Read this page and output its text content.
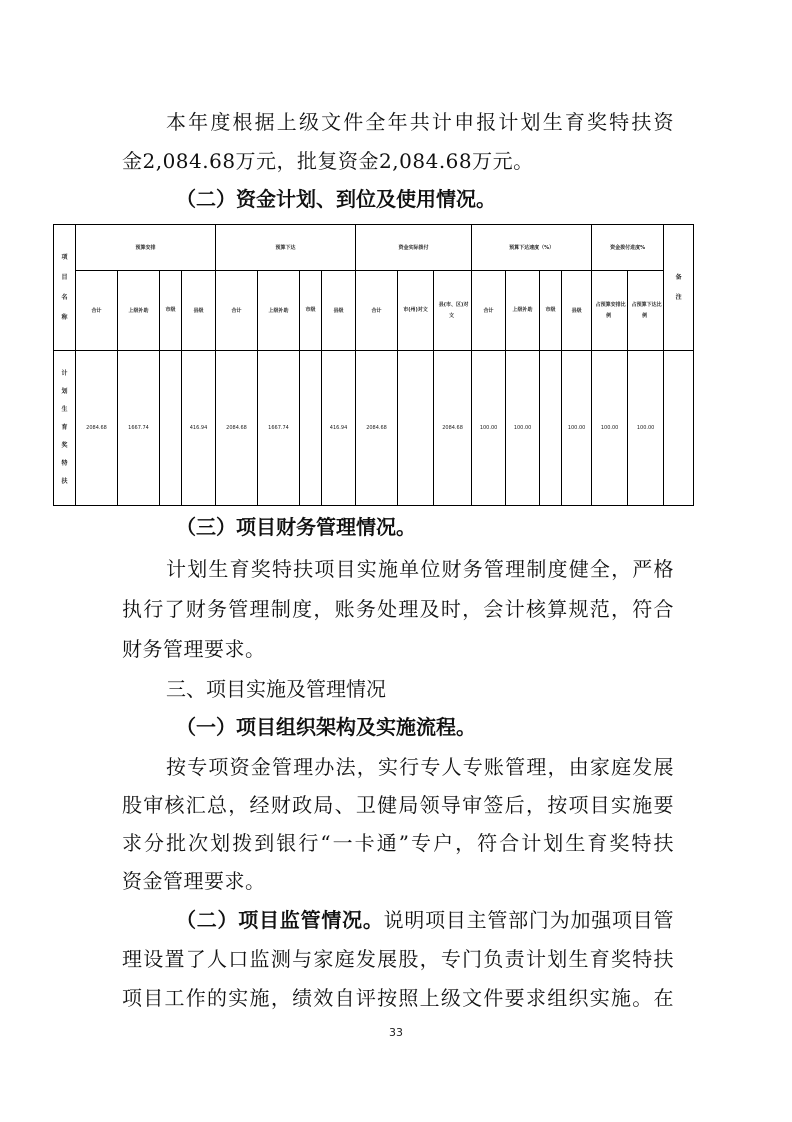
本年度根据上级文件全年共计申报计划生育奖特扶资
金2,084.68万元，批复资金2,084.68万元。
（二）资金计划、到位及使用情况。
项目名称	预算安排				预算下达				资金实际拨付			预算下达速度（%）				资金拨付进度%		备注
	合计	上级补助	市级	县级	合计	上级补助	市级	县级	合计	市(州)对文	县(市、区)对文	合计	上级补助	市级	县级	占预算安排比例	占预算下达比例	
计划生育奖特扶	2084.68	1667.74		416.94	2084.68	1667.74		416.94	2084.68		2084.68	100.00	100.00		100.00	100.00	100.00	
（三）项目财务管理情况。
计划生育奖特扶项目实施单位财务管理制度健全，严格
执行了财务管理制度，账务处理及时，会计核算规范，符合
财务管理要求。
三、项目实施及管理情况
（一）项目组织架构及实施流程。
按专项资金管理办法，实行专人专账管理，由家庭发展
股审核汇总，经财政局、卫健局领导审签后，按项目实施要
求分批次划拨到银行“一卡通”专户，符合计划生育奖特扶
资金管理要求。
（二）项目监管情况。说明项目主管部门为加强项目管
理设置了人口监测与家庭发展股，专门负责计划生育奖特扶
项目工作的实施，绩效自评按照上级文件要求组织实施。在
33
